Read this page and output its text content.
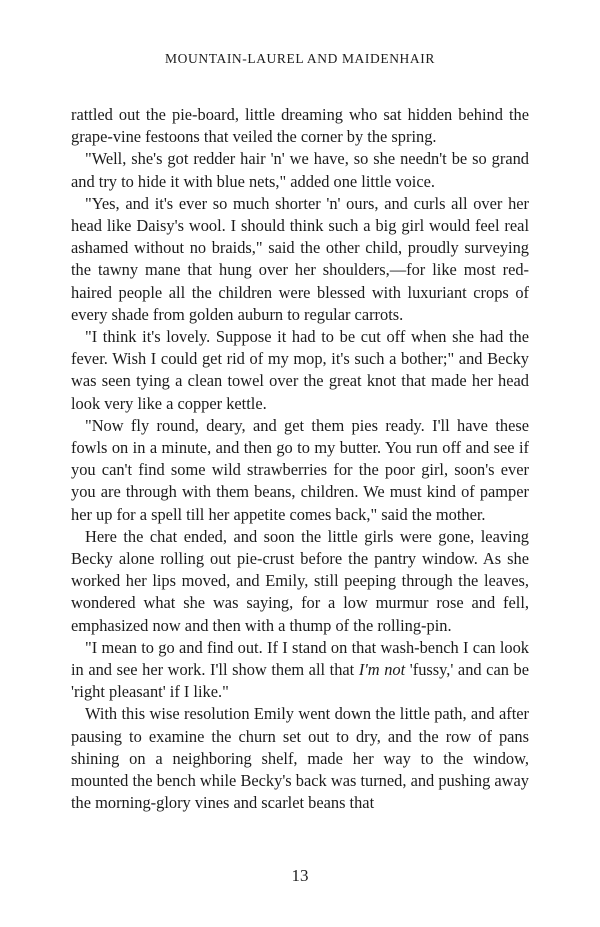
MOUNTAIN-LAUREL AND MAIDENHAIR

rattled out the pie-board, little dreaming who sat hidden behind the grape-vine festoons that veiled the corner by the spring.

"Well, she's got redder hair 'n' we have, so she needn't be so grand and try to hide it with blue nets," added one little voice.

"Yes, and it's ever so much shorter 'n' ours, and curls all over her head like Daisy's wool. I should think such a big girl would feel real ashamed without no braids," said the other child, proudly surveying the tawny mane that hung over her shoulders,—for like most red-haired people all the children were blessed with luxuriant crops of every shade from golden auburn to regular carrots.

"I think it's lovely. Suppose it had to be cut off when she had the fever. Wish I could get rid of my mop, it's such a bother;" and Becky was seen tying a clean towel over the great knot that made her head look very like a copper kettle.

"Now fly round, deary, and get them pies ready. I'll have these fowls on in a minute, and then go to my butter. You run off and see if you can't find some wild strawberries for the poor girl, soon's ever you are through with them beans, children. We must kind of pamper her up for a spell till her appetite comes back," said the mother.

Here the chat ended, and soon the little girls were gone, leaving Becky alone rolling out pie-crust before the pantry window. As she worked her lips moved, and Emily, still peeping through the leaves, wondered what she was saying, for a low murmur rose and fell, emphasized now and then with a thump of the rolling-pin.

"I mean to go and find out. If I stand on that wash-bench I can look in and see her work. I'll show them all that I'm not 'fussy,' and can be 'right pleasant' if I like."

With this wise resolution Emily went down the little path, and after pausing to examine the churn set out to dry, and the row of pans shining on a neighboring shelf, made her way to the window, mounted the bench while Becky's back was turned, and pushing away the morning-glory vines and scarlet beans that

13
